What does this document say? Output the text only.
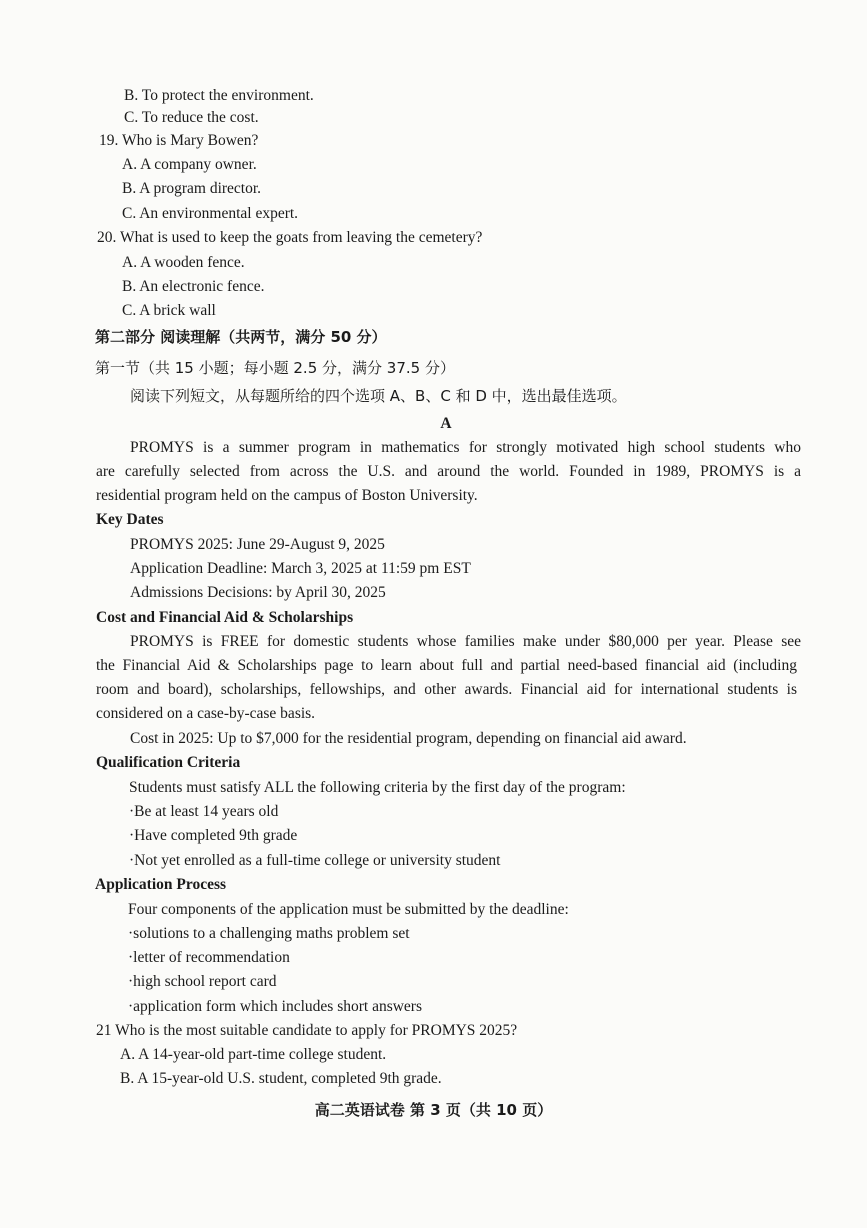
B. To protect the environment.
C. To reduce the cost.
19. Who is Mary Bowen?
A. A company owner.
B. A program director.
C. An environmental expert.
20. What is used to keep the goats from leaving the cemetery?
A. A wooden fence.
B. An electronic fence.
C. A brick wall
第二部分 阅读理解（共两节，满分 50 分）
第一节（共 15 小题；每小题 2.5 分，满分 37.5 分）
阅读下列短文，从每题所给的四个选项 A、B、C 和 D 中，选出最佳选项。
A
PROMYS is a summer program in mathematics for strongly motivated high school students who
are carefully selected from across the U.S. and around the world. Founded in 1989, PROMYS is a
residential program held on the campus of Boston University.
Key Dates
PROMYS 2025: June 29-August 9, 2025
Application Deadline: March 3, 2025 at 11:59 pm EST
Admissions Decisions: by April 30, 2025
Cost and Financial Aid & Scholarships
PROMYS is FREE for domestic students whose families make under $80,000 per year. Please see
the Financial Aid & Scholarships page to learn about full and partial need-based financial aid (including
room and board), scholarships, fellowships, and other awards. Financial aid for international students is
considered on a case-by-case basis.
Cost in 2025: Up to $7,000 for the residential program, depending on financial aid award.
Qualification Criteria
Students must satisfy ALL the following criteria by the first day of the program:
·Be at least 14 years old
·Have completed 9th grade
·Not yet enrolled as a full-time college or university student
Application Process
Four components of the application must be submitted by the deadline:
·solutions to a challenging maths problem set
·letter of recommendation
·high school report card
·application form which includes short answers
21 Who is the most suitable candidate to apply for PROMYS 2025?
A. A 14-year-old part-time college student.
B. A 15-year-old U.S. student, completed 9th grade.
高二英语试卷 第 3 页（共 10 页）
